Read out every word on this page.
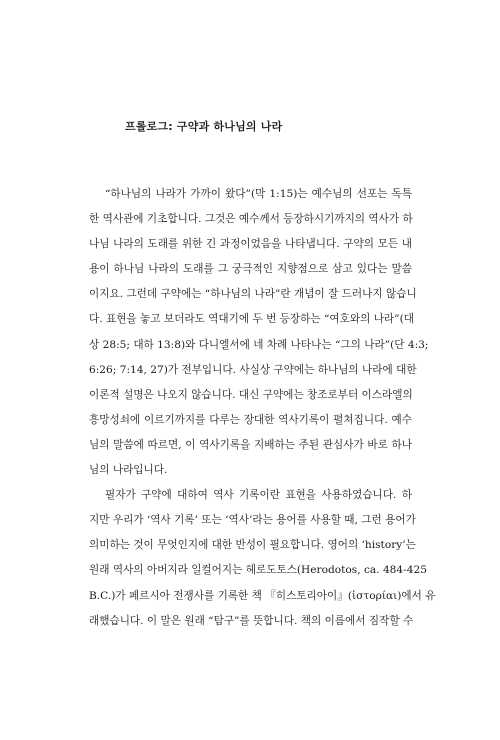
프롤로그: 구약과 하나님의 나라
“하나님의 나라가 가까이 왔다”(막 1:15)는 예수님의 선포는 독특
한 역사관에 기초합니다. 그것은 예수께서 등장하시기까지의 역사가 하
나님 나라의 도래를 위한 긴 과정이었음을 나타냅니다. 구약의 모든 내
용이 하나님 나라의 도래를 그 궁극적인 지향점으로 삼고 있다는 말씀
이지요. 그런데 구약에는 “하나님의 나라”란 개념이 잘 드러나지 않습니
다. 표현을 놓고 보더라도 역대기에 두 번 등장하는 “여호와의 나라”(대
상 28:5; 대하 13:8)와 다니엘서에 네 차례 나타나는 “그의 나라”(단 4:3;
6:26; 7:14, 27)가 전부입니다. 사실상 구약에는 하나님의 나라에 대한
이론적 설명은 나오지 않습니다. 대신 구약에는 창조로부터 이스라엘의
흥망성쇠에 이르기까지를 다루는 장대한 역사기록이 펼쳐집니다. 예수
님의 말씀에 따르면, 이 역사기록을 지배하는 주된 관심사가 바로 하나
님의 나라입니다.
필자가 구약에 대하여 역사 기록이란 표현을 사용하였습니다. 하
지만 우리가 ‘역사 기록’ 또는 ‘역사’라는 용어를 사용할 때, 그런 용어가
의미하는 것이 무엇인지에 대한 반성이 필요합니다. 영어의 ‘history’는
원래 역사의 아버지라 일컬어지는 헤로도토스(Herodotos, ca. 484-425
B.C.)가 페르시아 전쟁사를 기록한 책 『히스토리아이』(ἱστορίαι)에서 유
래했습니다. 이 말은 원래 “탐구”를 뜻합니다. 책의 이름에서 짐작할 수
